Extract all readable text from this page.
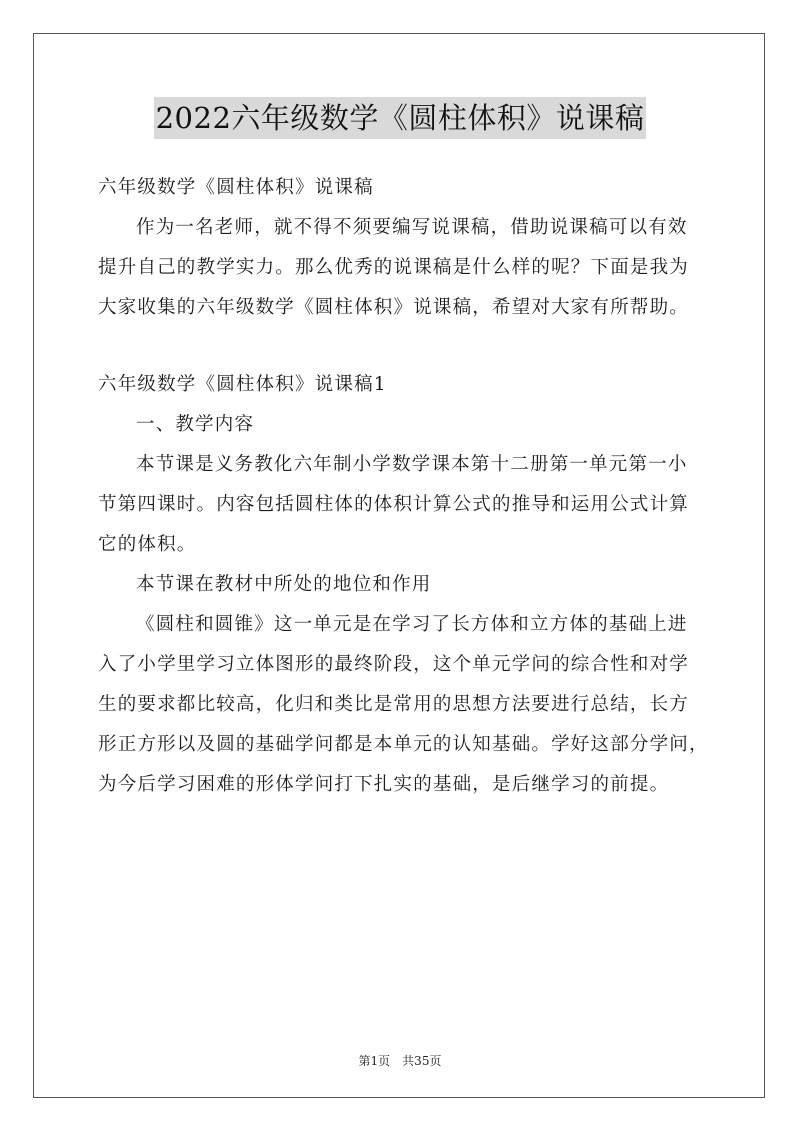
2022六年级数学《圆柱体积》说课稿

六年级数学《圆柱体积》说课稿

作为一名老师，就不得不须要编写说课稿，借助说课稿可以有效

提升自己的教学实力。那么优秀的说课稿是什么样的呢？下面是我为

大家收集的六年级数学《圆柱体积》说课稿，希望对大家有所帮助。

六年级数学《圆柱体积》说课稿1

一、教学内容

本节课是义务教化六年制小学数学课本第十二册第一单元第一小

节第四课时。内容包括圆柱体的体积计算公式的推导和运用公式计算

它的体积。

本节课在教材中所处的地位和作用

《圆柱和圆锥》这一单元是在学习了长方体和立方体的基础上进

入了小学里学习立体图形的最终阶段，这个单元学问的综合性和对学

生的要求都比较高，化归和类比是常用的思想方法要进行总结，长方

形正方形以及圆的基础学问都是本单元的认知基础。学好这部分学问，

为今后学习困难的形体学问打下扎实的基础，是后继学习的前提。

第1页　共35页
